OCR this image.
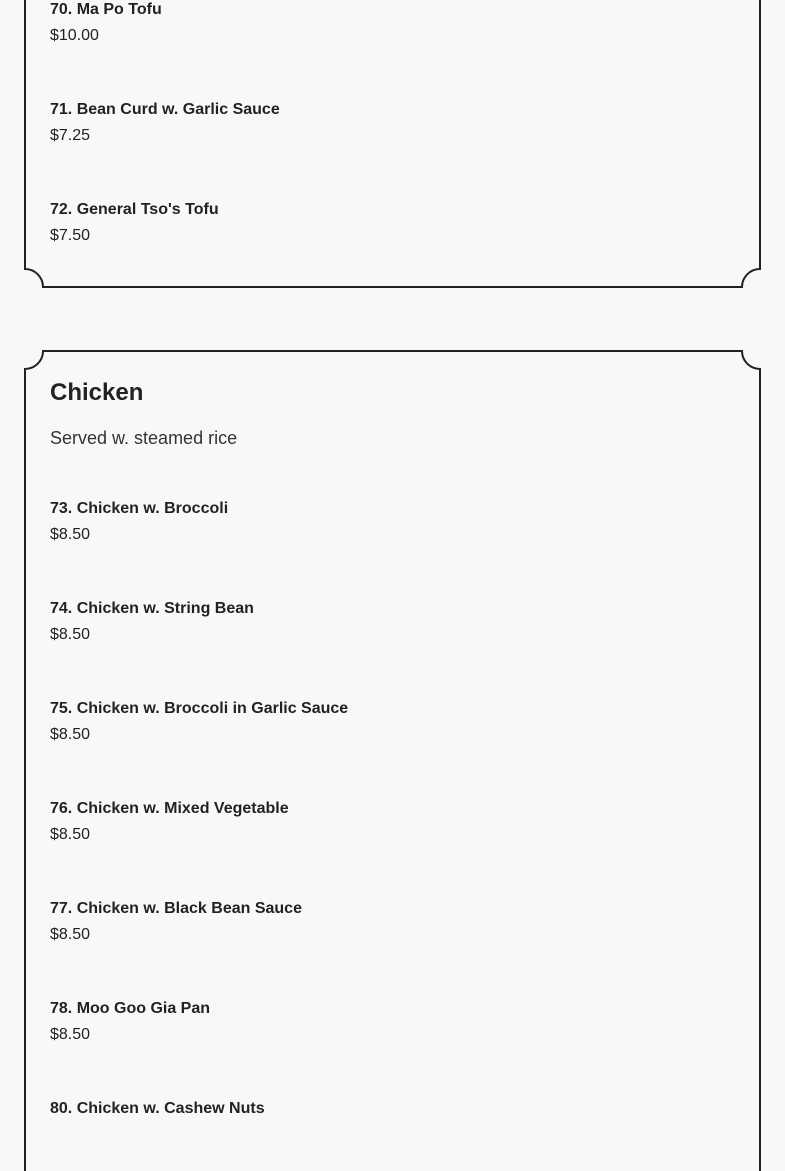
70. Ma Po Tofu
$10.00
71. Bean Curd w. Garlic Sauce
$7.25
72. General Tso's Tofu
$7.50
Chicken

Served w. steamed rice

73. Chicken w. Broccoli
$8.50
74. Chicken w. String Bean
$8.50
75. Chicken w. Broccoli in Garlic Sauce
$8.50
76. Chicken w. Mixed Vegetable
$8.50
77. Chicken w. Black Bean Sauce
$8.50
78. Moo Goo Gia Pan
$8.50
80. Chicken w. Cashew Nuts
